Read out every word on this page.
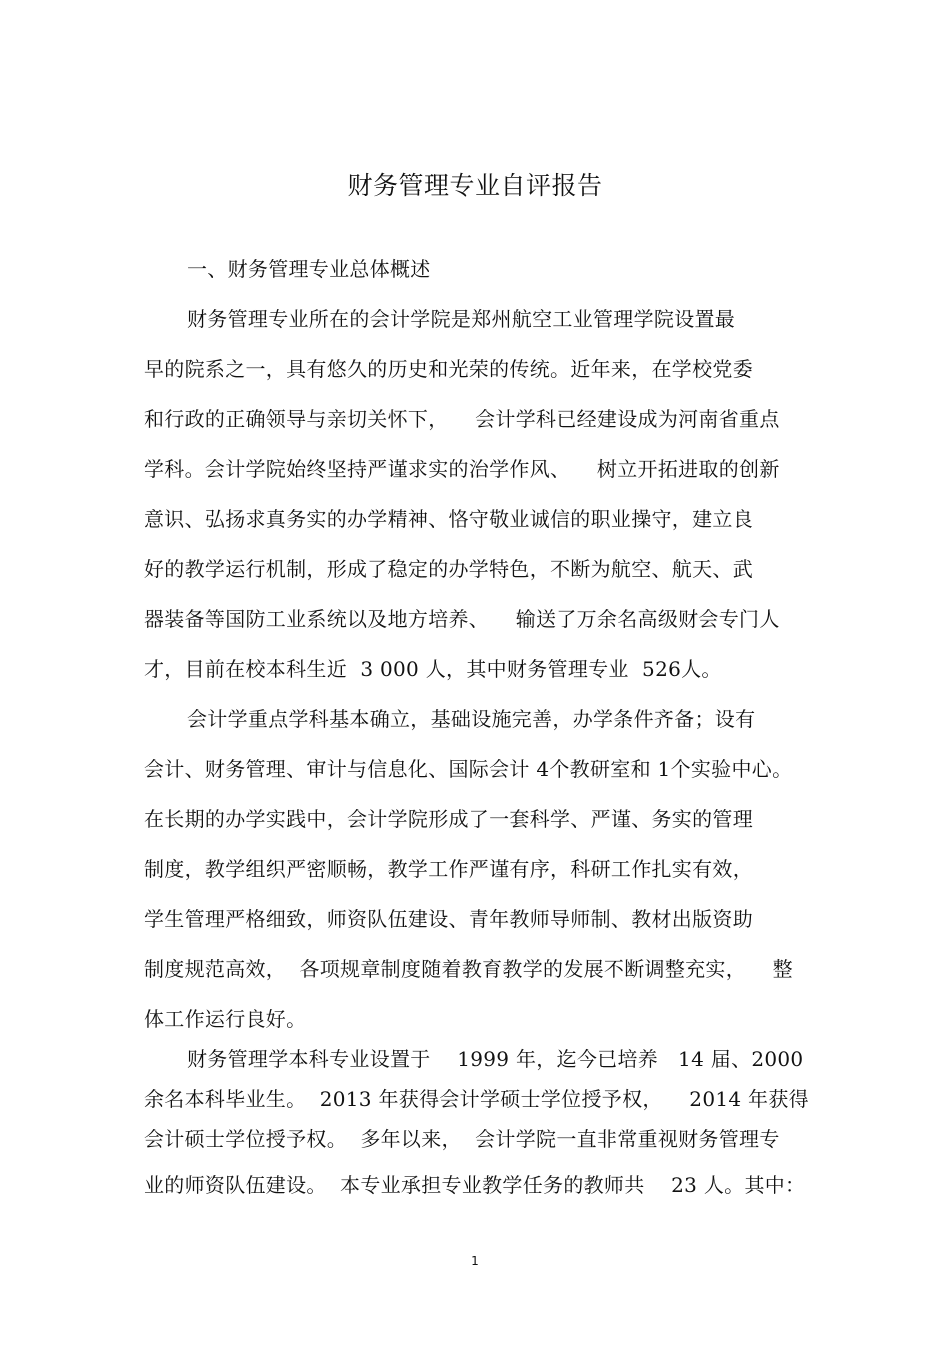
财务管理专业自评报告
一、财务管理专业总体概述
财务管理专业所在的会计学院是郑州航空工业管理学院设置最
早的院系之一，具有悠久的历史和光荣的传统。近年来，在学校党委
和行政的正确领导与亲切关怀下，    会计学科已经建设成为河南省重点
学科。会计学院始终坚持严谨求实的治学作风、    树立开拓进取的创新
意识、弘扬求真务实的办学精神、恪守敬业诚信的职业操守，建立良
好的教学运行机制，形成了稳定的办学特色，不断为航空、航天、武
器装备等国防工业系统以及地方培养、    输送了万余名高级财会专门人
才，目前在校本科生近  3 000 人，其中财务管理专业  526人。
会计学重点学科基本确立，基础设施完善，办学条件齐备；设有
会计、财务管理、审计与信息化、国际会计 4个教研室和 1个实验中心。
在长期的办学实践中，会计学院形成了一套科学、严谨、务实的管理
制度，教学组织严密顺畅，教学工作严谨有序，科研工作扎实有效，
学生管理严格细致，师资队伍建设、青年教师导师制、教材出版资助
制度规范高效，  各项规章制度随着教育教学的发展不断调整充实，    整
体工作运行良好。
财务管理学本科专业设置于    1999 年，迄今已培养   14 届、2000
余名本科毕业生。  2013 年获得会计学硕士学位授予权，    2014 年获得
会计硕士学位授予权。  多年以来，  会计学院一直非常重视财务管理专
业的师资队伍建设。  本专业承担专业教学任务的教师共    23 人。其中：
1
